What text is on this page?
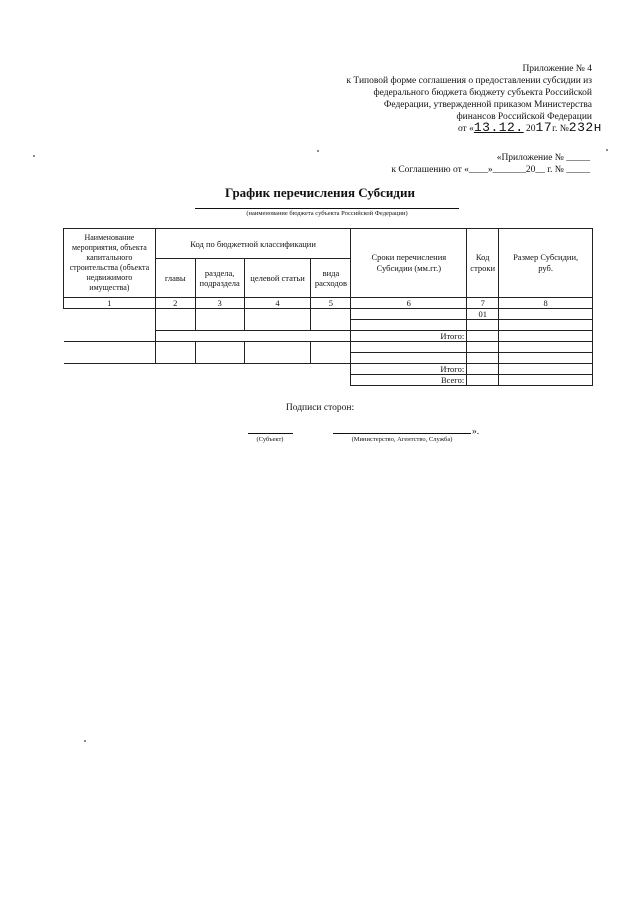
Приложение № 4
к Типовой форме соглашения о предоставлении субсидии из
федерального бюджета бюджету субъекта Российской
Федерации, утвержденной приказом Министерства
финансов Российской Федерации
от «13.12. 2017г. №232н
«Приложение № _____
к Соглашению от «____»_______20__ г. № _____
График перечисления Субсидии
(наименование бюджета субъекта Российской Федерации)
Наименование мероприятия, объекта капитального строительства (объекта недвижимого имущества)	Код по бюджетной классификации				Сроки перечисления Субсидии (мм.гг.)	Код строки	Размер Субсидии, руб.
	главы	раздела, подраздела	целевой статьи	вида расходов			
1	2	3	4	5	6	7	8
						01	

					Итого:		

					Итого:		
					Всего:		
Подписи сторон:
(Субъект)	(Министерство, Агентство, Служба)
».
